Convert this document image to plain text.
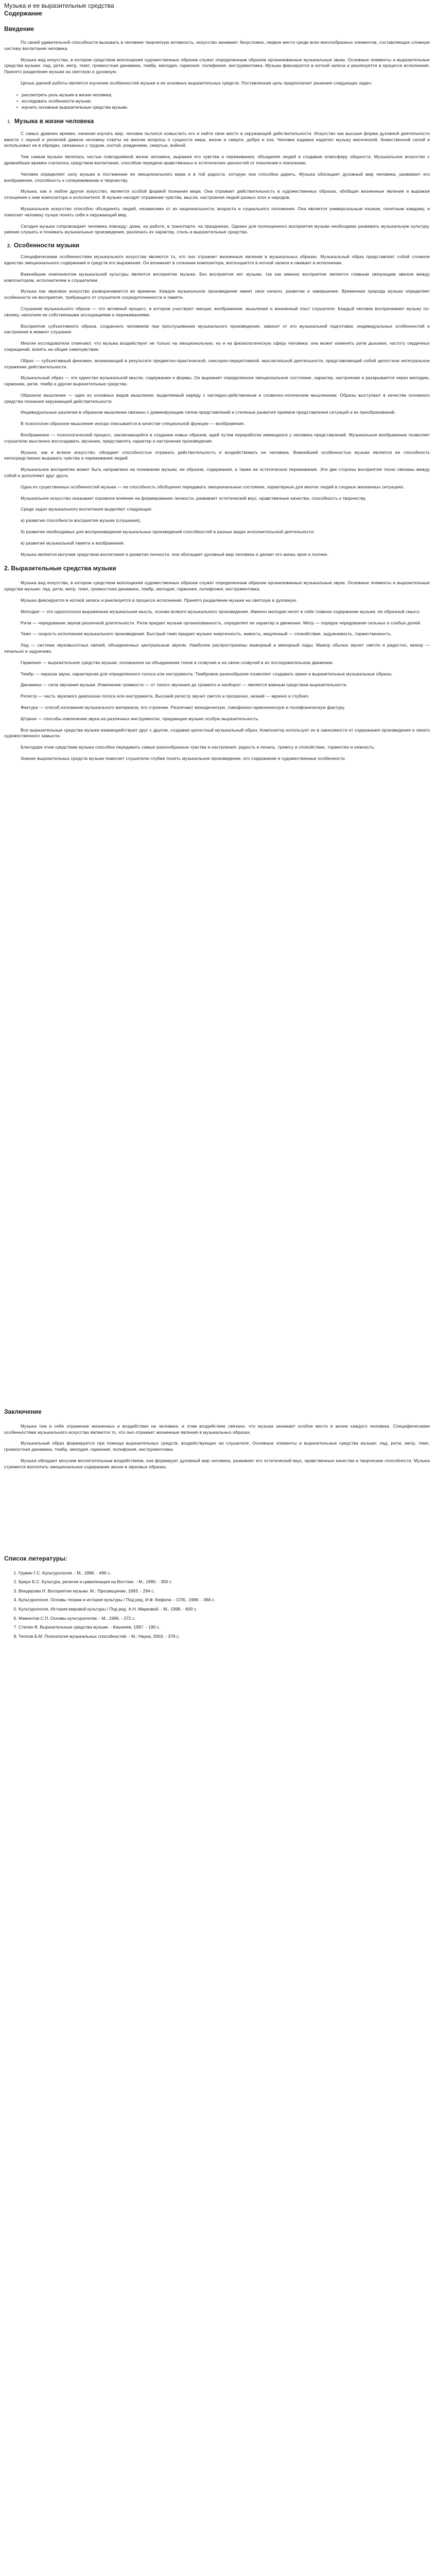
Музыка и ее выразительные средства
Содержание
Введение

По своей удивительной способности вызывать в человеке творческую активность, искусство занимает, безусловно, первое место среди всех многообразных элементов, составляющих сложную систему воспитания человека.

Музыка вид искусства, в котором средством воплощения художественных образов служат определенным образом организованные музыкальные звуки. Основные элементы и выразительные средства музыки: лад, ритм, метр, темп, громкостная динамика, тембр, мелодия, гармония, полифония, инструментовка. Музыка фиксируется в нотной записи и реализуется в процессе исполнения. Принято разделение музыки на светскую и духовную.

Целью данной работы является изучение особенностей музыки и ее основных выразительных средств. Поставленная цель предполагает решение следующих задач:

• рассмотреть роль музыки в жизни человека;
• исследовать особенности музыки;
• изучить основные выразительные средства музыки.
1. Музыка в жизни человека

С самых древних времен, начиная изучать мир, человек пытался осмыслить его и найти свое место в окружающей действительности. Искусство как высшая форма духовной деятельности вместе с наукой и религией давала человеку ответы на многие вопросы о сущности мира, жизни и смерти, добра и зла. Человек издавна наделял музыку магической, божественной силой и использовал ее в обрядах, связанных с трудом, охотой, рождением, смертью, войной.

Тем самым музыка являлась частью повседневной жизни человека, выражая его чувства и переживания, объединяя людей и создавая атмосферу общности. Музыкальное искусство с древнейших времен считалось средством воспитания, способом передачи нравственных и эстетических ценностей от поколения к поколению.

Человек определяет силу музыки в постижении ее эмоционального мира и в той радости, которую она способна дарить. Музыка обогащает духовный мир человека, развивает его воображение, способность к сопереживанию и творчеству.

Музыка, как и любое другое искусство, является особой формой познания мира. Она отражает действительность в художественных образах, обобщая жизненные явления и выражая отношение к ним композитора и исполнителя. В музыке находят отражение чувства, мысли, настроения людей разных эпох и народов.

Музыкальное искусство способно объединять людей, независимо от их национальности, возраста и социального положения. Она является универсальным языком, понятным каждому, и помогает человеку лучше понять себя и окружающий мир.

Сегодня музыка сопровождает человека повсюду: дома, на работе, в транспорте, на праздниках. Однако для полноценного восприятия музыки необходимо развивать музыкальную культуру, умение слушать и понимать музыкальные произведения, различать их характер, стиль и выразительные средства.

2. Особенности музыки

Специфическими особенностями музыкального искусства являются то, что оно отражает жизненные явления в музыкальных образах. Музыкальный образ представляет собой сложное единство эмоционального содержания и средств его выражения. Он возникает в сознании композитора, воплощается в нотной записи и оживает в исполнении.

Важнейшим компонентом музыкальной культуры является восприятие музыки. Без восприятия нет музыки, так как именно восприятие является главным связующим звеном между композитором, исполнителем и слушателем.

Музыка как звуковое искусство разворачивается во времени. Каждое музыкальное произведение имеет свое начало, развитие и завершение. Временная природа музыки определяет особенности ее восприятия, требующего от слушателя сосредоточенности и памяти.

Слушание музыкального образа — это активный процесс, в котором участвуют эмоции, воображение, мышление и жизненный опыт слушателя. Каждый человек воспринимает музыку по-своему, наполняя ее собственными ассоциациями и переживаниями.

Восприятие субъективного образа, созданного человеком при прослушивании музыкального произведения, зависит от его музыкальной подготовки, индивидуальных особенностей и настроения в момент слушания.

Многие исследователи отмечают, что музыка воздействует не только на эмоциональную, но и на физиологическую сферу человека: она может изменять ритм дыхания, частоту сердечных сокращений, влиять на общее самочувствие.

Образ — субъективный феномен, возникающий в результате предметно-практической, сенсорно-перцептивной, мыслительной деятельности, представляющий собой целостное интегральное отражение действительности.

Музыкальный образ — это единство музыкальной мысли, содержания и формы. Он выражает определенное эмоциональное состояние, характер, настроение и раскрывается через мелодию, гармонию, ритм, тембр и другие выразительные средства.

Образное мышление — один из основных видов мышления, выделяемый наряду с наглядно-действенным и словесно-логическим мышлением. Образы выступают в качестве основного средства познания окружающей действительности.

Индивидуальные различия в образном мышлении связаны с доминирующим типом представлений и степенью развития приемов представления ситуаций и их преобразований.

В психологии образное мышление иногда описывается в качестве специальной функции — воображения.

Воображение — психологический процесс, заключающийся в создании новых образов, идей путем переработки имеющихся у человека представлений. Музыкальное воображение позволяет слушателю мысленно воссоздавать звучание, представлять характер и настроение произведения.

Музыка, как и всякое искусство, обладает способностью отражать действительность и воздействовать на человека. Важнейшей особенностью музыки является ее способность непосредственно выражать чувства и переживания людей.

Музыкальное восприятие может быть направлено на понимание музыки, ее образов, содержания, а также на эстетическое переживание. Эти две стороны восприятия тесно связаны между собой и дополняют друг друга.

Одна из существенных особенностей музыки — ее способность обобщенно передавать эмоциональные состояния, характерные для многих людей в сходных жизненных ситуациях.

Музыкальное искусство оказывает огромное влияние на формирование личности, развивает эстетический вкус, нравственные качества, способность к творчеству.

Среди задач музыкального воспитания выделяют следующие:

а) развитие способности восприятия музыки (слушания);

б) развитие необходимых для воспроизведения музыкальных произведений способностей в разных видах исполнительской деятельности;

в) развитие музыкальной памяти и воображения.

Музыка является могучим средством воспитания и развития личности, она обогащает духовный мир человека и делает его жизнь ярче и полнее.

2. Выразительные средства музыки

Музыка вид искусства, в котором средством воплощения художественных образов служат определенным образом организованные музыкальные звуки. Основные элементы и выразительные средства музыки: лад, ритм, метр, темп, громкостная динамика, тембр, мелодия, гармония, полифония, инструментовка.

Музыка фиксируется в нотной записи и реализуется в процессе исполнения. Принято разделение музыки на светскую и духовную.

Мелодия — это одноголосно выраженная музыкальная мысль, основа всякого музыкального произведения. Именно мелодия несет в себе главное содержание музыки, ее образный смысл.

Ритм — чередование звуков различной длительности. Ритм придает музыке организованность, определяет ее характер и движение. Метр — порядок чередования сильных и слабых долей.

Темп — скорость исполнения музыкального произведения. Быстрый темп придает музыке энергичность, живость, медленный — спокойствие, задумчивость, торжественность.

Лад — система звуковысотных связей, объединенных центральным звуком. Наиболее распространены мажорный и минорный лады. Мажор обычно звучит светло и радостно, минор — печально и задумчиво.

Гармония — выразительное средство музыки, основанное на объединении тонов в созвучия и на связи созвучий в их последовательном движении.

Тембр — окраска звука, характерная для определенного голоса или инструмента. Тембровое разнообразие позволяет создавать яркие и выразительные музыкальные образы.

Динамика — сила звучания музыки. Изменение громкости — от тихого звучания до громкого и наоборот — является важным средством выразительности.

Регистр — часть звукового диапазона голоса или инструмента. Высокий регистр звучит светло и прозрачно, низкий — мрачно и глубоко.

Фактура — способ изложения музыкального материала, его строение. Различают монодическую, гомофонно-гармоническую и полифоническую фактуру.

Штрихи — способы извлечения звука на различных инструментах, придающие музыке особую выразительность.

Все выразительные средства музыки взаимодействуют друг с другом, создавая целостный музыкальный образ. Композитор использует их в зависимости от содержания произведения и своего художественного замысла.

Благодаря этим средствам музыка способна передавать самые разнообразные чувства и настроения: радость и печаль, тревогу и спокойствие, торжество и нежность.

Знание выразительных средств музыки помогает слушателю глубже понять музыкальное произведение, его содержание и художественные особенности.

Заключение

Музыка тем и себе отражение жизненных и воздействия на человека, и этим воздействие связано, что музыка занимает особое место в жизни каждого человека. Специфическими особенностями музыкального искусства являются то, что оно отражает жизненные явления в музыкальных образах.

Музыкальный образ формируется при помощи выразительных средств, воздействующих на слушателя. Основные элементы и выразительные средства музыки: лад, ритм, метр, темп, громкостная динамика, тембр, мелодия, гармония, полифония, инструментовка.

Музыка обладает могучим воспитательным воздействием, она формирует духовный мир человека, развивает его эстетический вкус, нравственные качества и творческие способности. Музыка стремится воплотить эмоциональное содержание жизни в звуковых образах.

Список литературы:
1. Грувин Г.С. Культурология. - М., 1996. - 496 с.
2. Браун Б.С. Культура, религия и цивилизация на Востоке. - М., 1990. - 300 с.
3. Вендерова Н. Восприятие музыки. М.: Просвещение, 1993. - 294 с.
4. Культурология. Основы теории и история культуры / Под ред. И.Ф. Кефели. - СПб., 1996. - 368 с.
5. Культурология. История мировой культуры / Под ред. А.Н. Марковой. - М., 1998. - 600 с.
6. Мамонтов С.П. Основы культурологии. - М., 1996. - 272 с.
7. Степин В. Выразительные средства музыки. - Кишинев, 1997. - 190 с.
8. Теплов Б.М. Психология музыкальных способностей. - М.: Наука, 2003. - 379 с.
